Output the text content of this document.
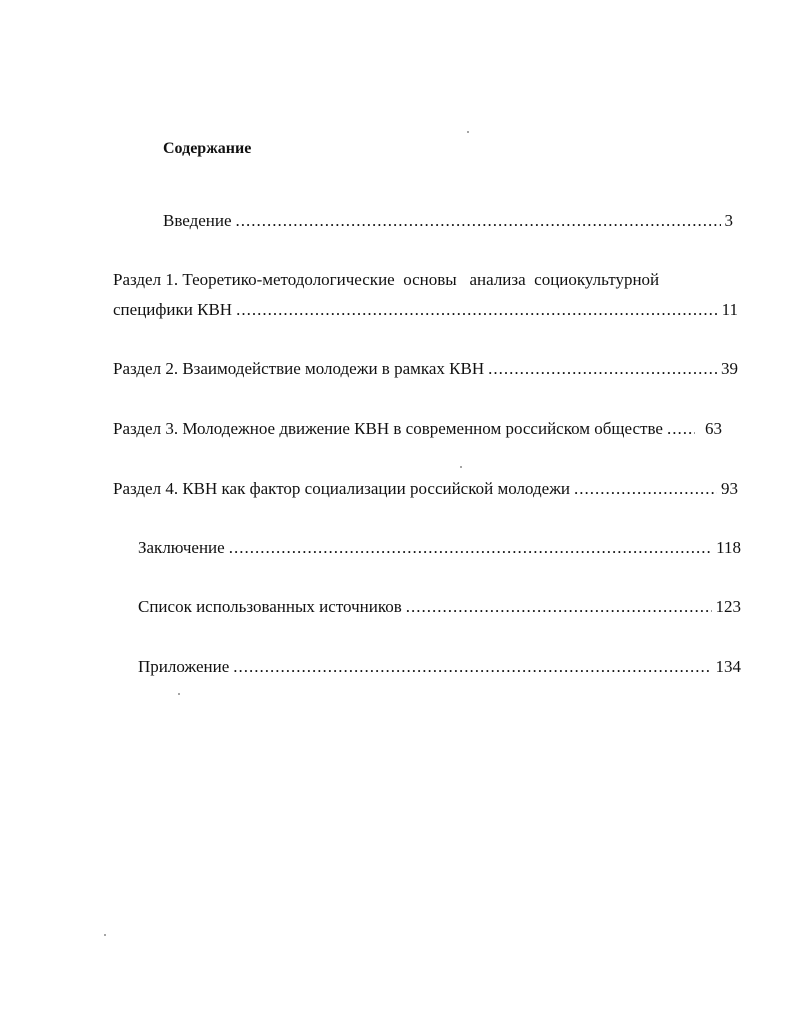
Содержание
Введение .....	3
Раздел 1. Теоретико-методологические  основы   анализа  социокультурной
специфики КВН .....	11
Раздел 2. Взаимодействие молодежи в рамках КВН .....	39
Раздел 3. Молодежное движение КВН в современном российском обществе ..... 63
Раздел 4. КВН как фактор социализации российской молодежи .....	93
Заключение .....	118
Список использованных источников .....	123
Приложение .....	134
